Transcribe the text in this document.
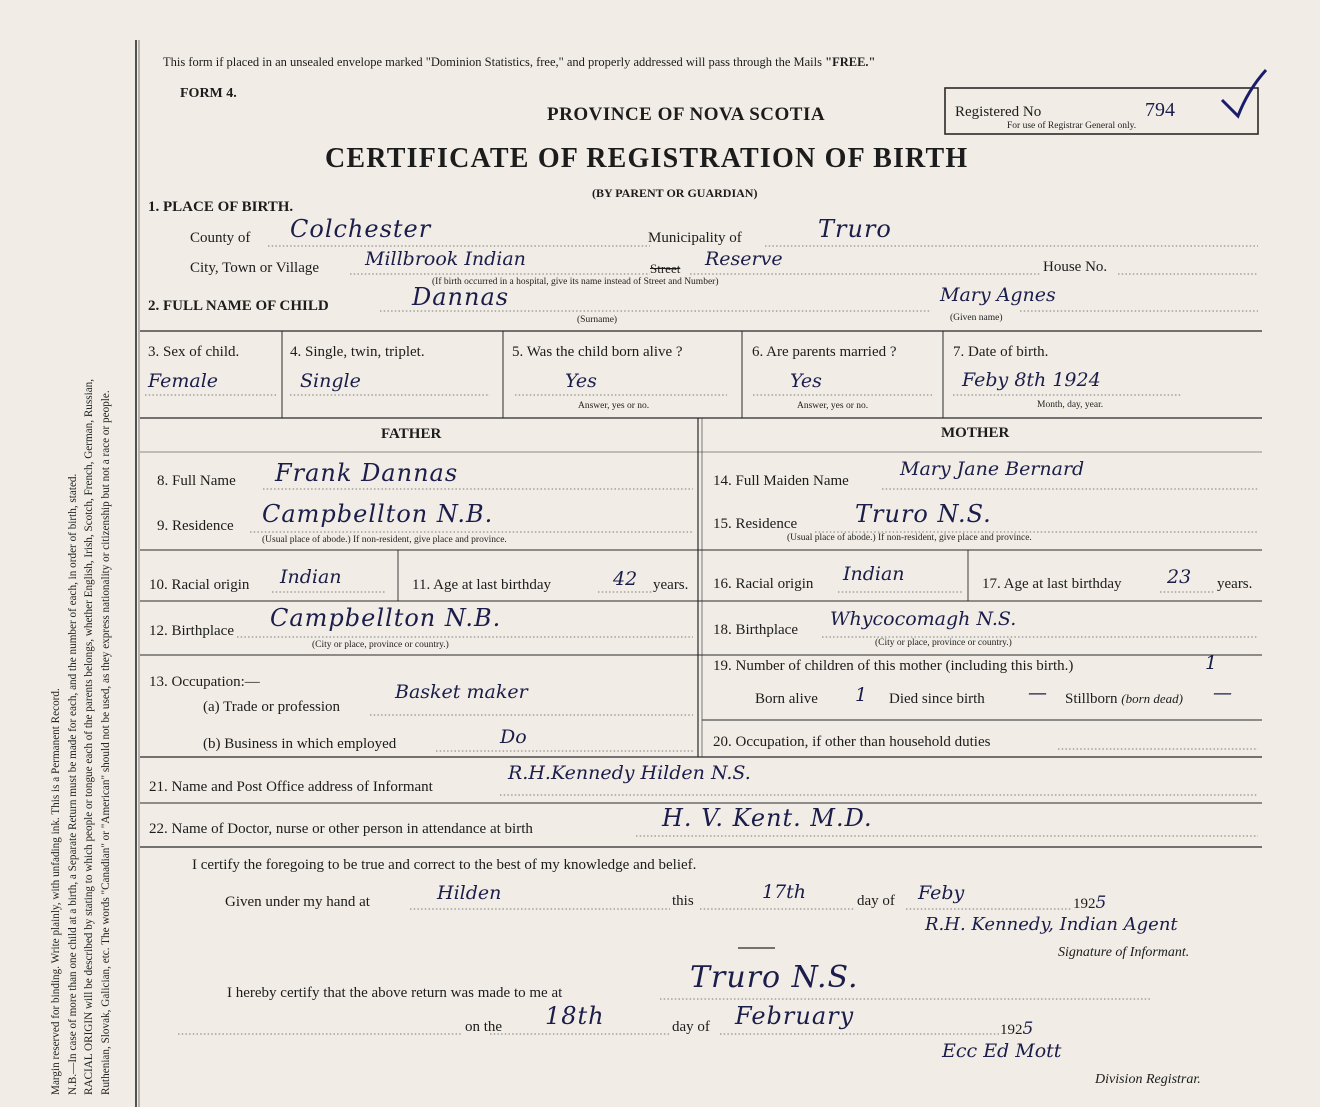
Margin reserved for binding. Write plainly, with unfading ink. This is a Permanent Record. N.B.—In case of more than one child at a birth, a Separate Return must be made for each, and the number of each, in order of birth, stated. RACIAL ORIGIN will be described by stating to which people or tongue each of the parents belongs, whether English, Irish, Scotch, French, German, Russian, Ruthenian, Slovak, Galician, etc. The words "Canadian" or "American" should not be used, as they express nationality or citizenship but not a race or people.
This form if placed in an unsealed envelope marked "Dominion Statistics, free," and properly addressed will pass through the Mails "FREE."
FORM 4.
PROVINCE OF NOVA SCOTIA
CERTIFICATE OF REGISTRATION OF BIRTH
(BY PARENT OR GUARDIAN)
Registered No	794
For use of Registrar General only.
1. PLACE OF BIRTH.
County of Colchester	Municipality of	Truro
City, Town or Village Millbrook Indian	Street Reserve	House No.
(If birth occurred in a hospital, give its name instead of Street and Number)
2. FULL NAME OF CHILD	Dannas
(Surname)
Mary Agnes
(Given name)
3. Sex of child.
Female
4. Single, twin, triplet.
Single
5. Was the child born alive ?
Yes
Answer, yes or no.
6. Are parents married ?
Yes
Answer, yes or no.
7. Date of birth.
Feby 8th 1924
Month, day, year.
FATHER	MOTHER
8. Full Name Frank Dannas
9. Residence Campbellton N.B.
(Usual place of abode.) If non-resident, give place and province.
10. Racial origin Indian	11. Age at last birthday	42 years.
12. Birthplace Campbellton N.B.
(City or place, province or country.)
13. Occupation:—
(a) Trade or profession
Basket maker
(b) Business in which employed	Do
14. Full Maiden Name
Mary Jane Bernard
15. Residence Truro N.S.
(Usual place of abode.) If non-resident, give place and province.
16. Racial origin Indian	17. Age at last birthday 23 years.
18. Birthplace Whycocomagh N.S.
(City or place, province or country.)
19. Number of children of this mother (including this birth.)	1
Born alive 1 Died since birth — Stillborn (born dead) —
20. Occupation, if other than household duties
21. Name and Post Office address of Informant
R.H.Kennedy Hilden N.S.
22. Name of Doctor, nurse or other person in attendance at birth	H. V. Kent. M.D.
I certify the foregoing to be true and correct to the best of my knowledge and belief.
Given under my hand at	Hilden	this	17th	day of Feby	1925
R.H. Kennedy, Indian Agent
Signature of Informant.
I hereby certify that the above return was made to me at	Truro N.S.
on the 18th	day of February	1925
Ecc Ed Mott
Division Registrar.
